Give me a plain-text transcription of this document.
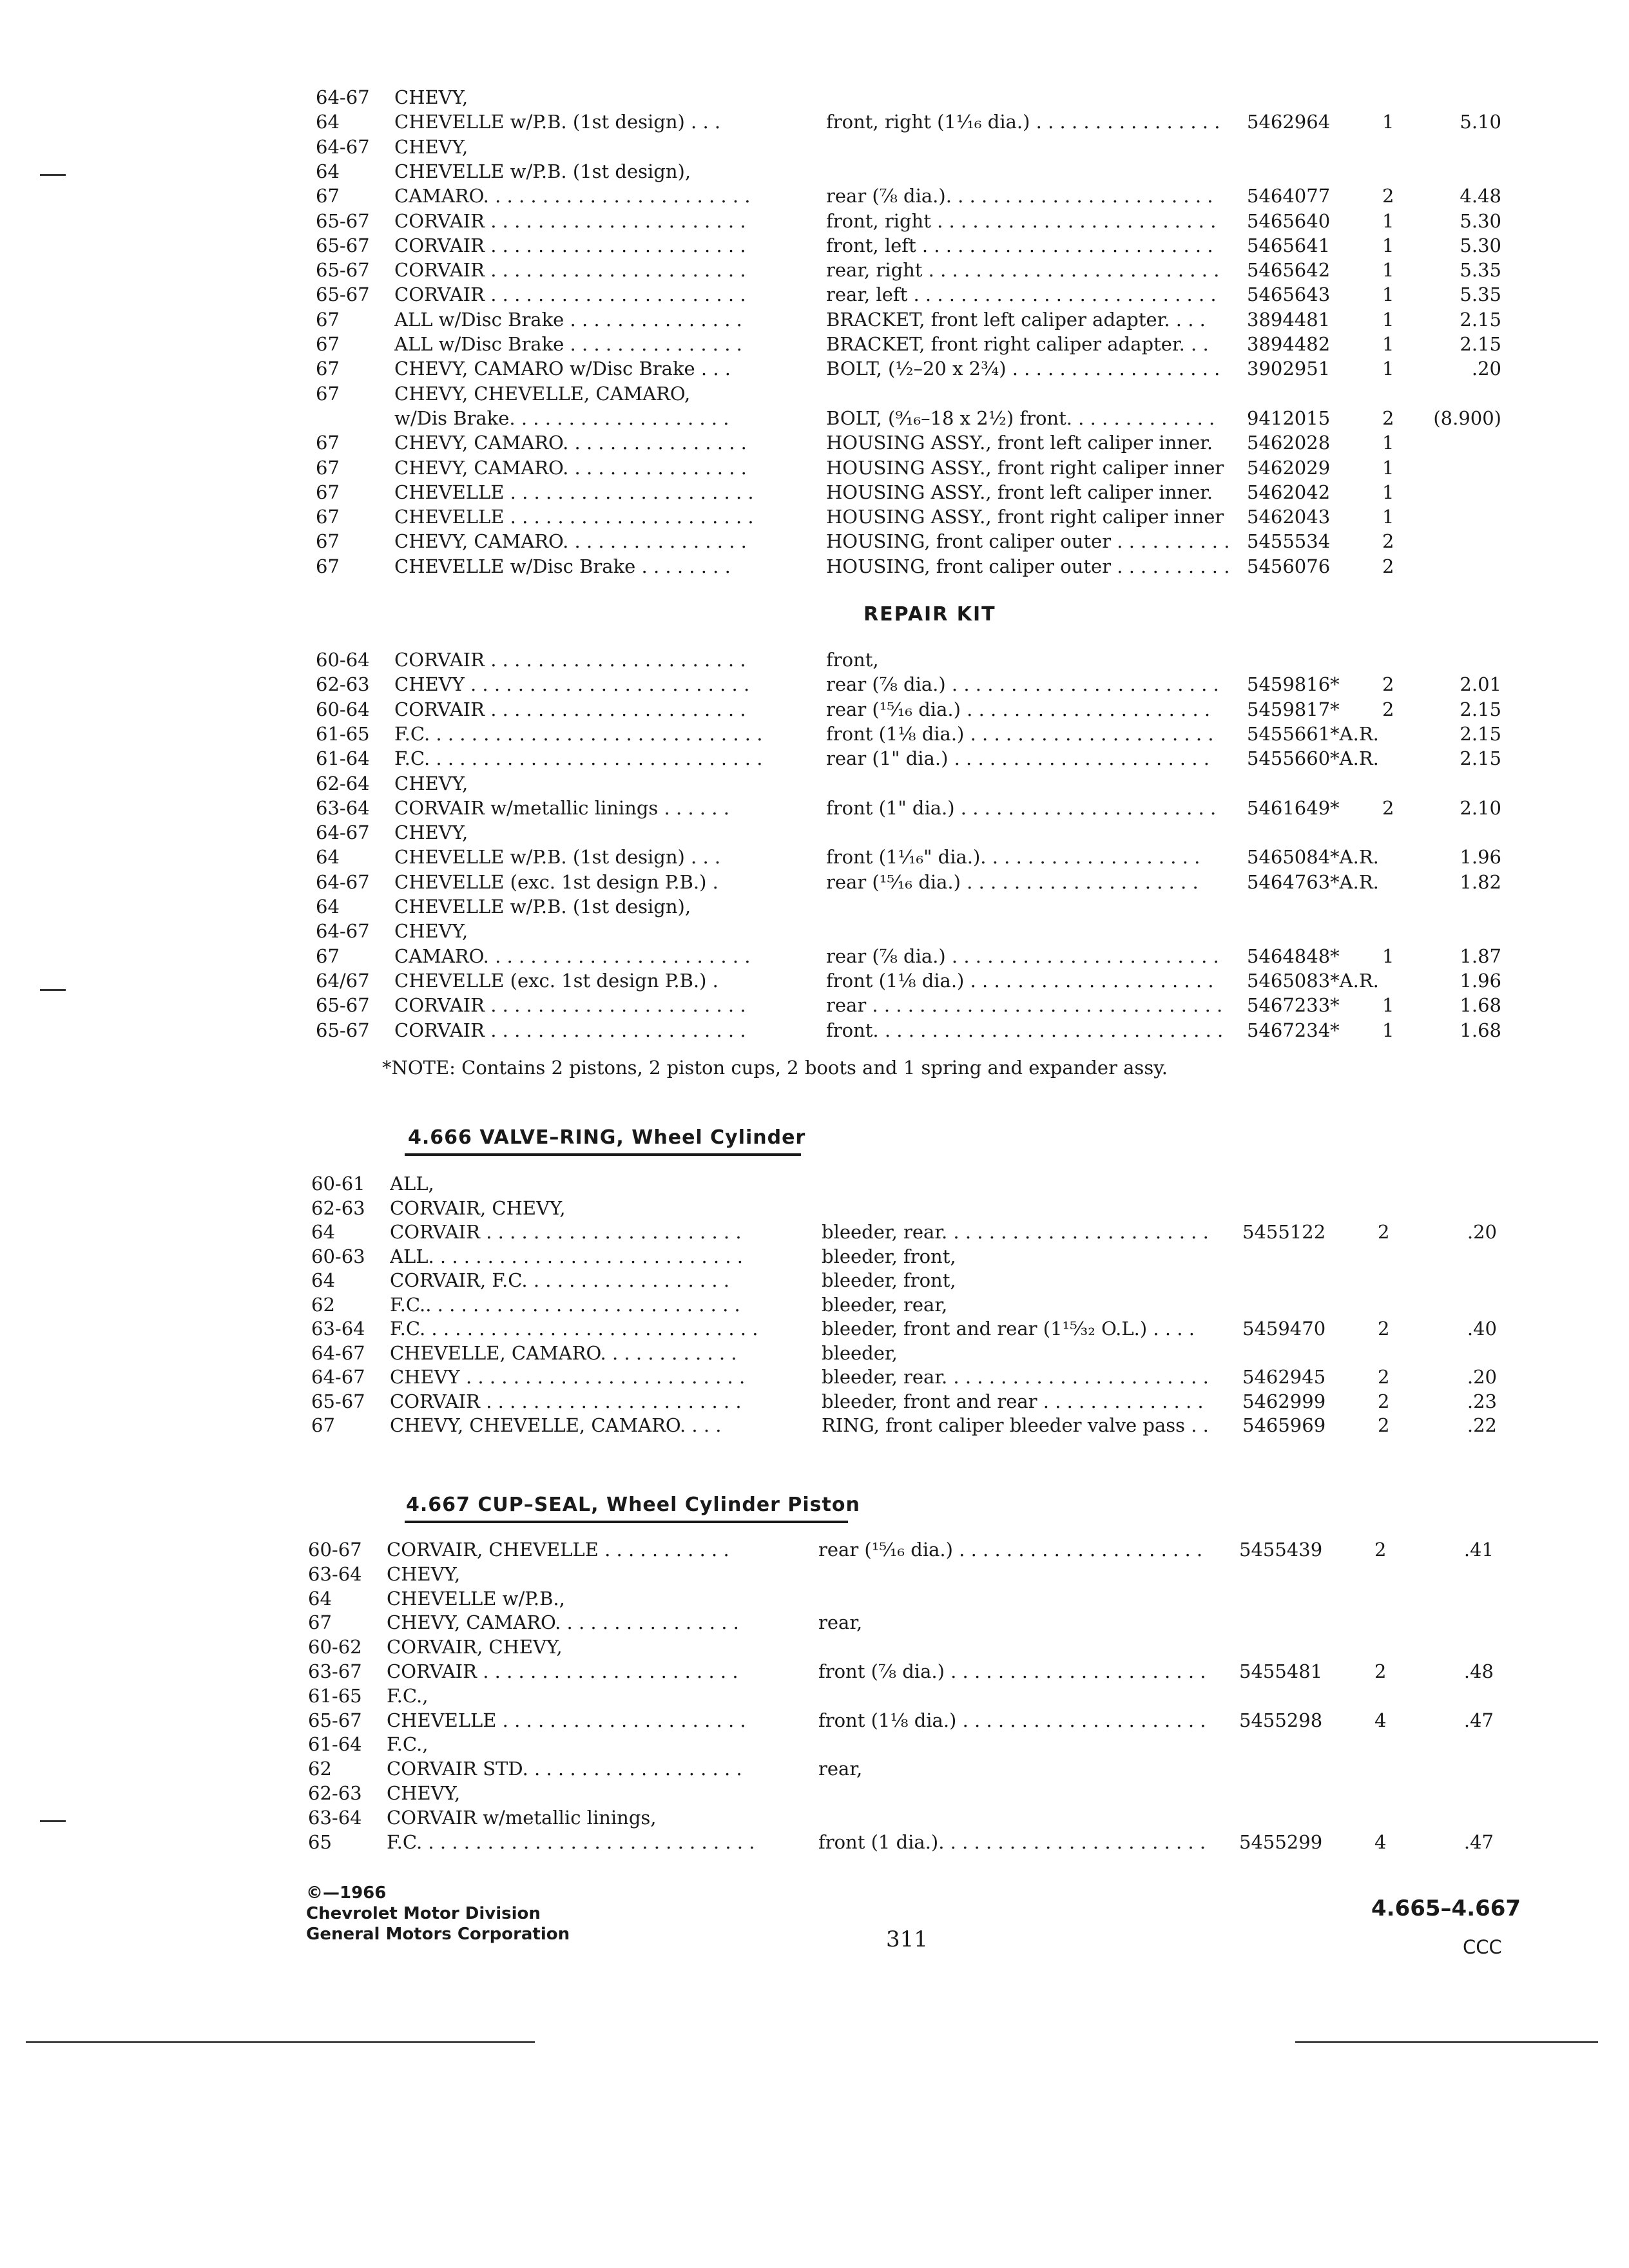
64-67 CHEVY,
64	CHEVELLE w/P.B. (1st design) . . .	front, right (1¹⁄₁₆ dia.) . . . . . . . . . . . . . . . .	5462964	1	5.10
64-67 CHEVY,
64	CHEVELLE w/P.B. (1st design),
67	CAMARO. . . . . . . . . . . . . . . . . . . . . . .	rear (⅞ dia.). . . . . . . . . . . . . . . . . . . . . . .	5464077	2	4.48
65-67 CORVAIR . . . . . . . . . . . . . . . . . . . . . .	front, right . . . . . . . . . . . . . . . . . . . . . . . .	5465640	1	5.30
65-67 CORVAIR . . . . . . . . . . . . . . . . . . . . . .	front, left . . . . . . . . . . . . . . . . . . . . . . . . .	5465641	1	5.30
65-67 CORVAIR . . . . . . . . . . . . . . . . . . . . . .	rear, right . . . . . . . . . . . . . . . . . . . . . . . . .	5465642	1	5.35
65-67 CORVAIR . . . . . . . . . . . . . . . . . . . . . .	rear, left . . . . . . . . . . . . . . . . . . . . . . . . . .	5465643	1	5.35
67	ALL w/Disc Brake . . . . . . . . . . . . . . .	BRACKET, front left caliper adapter. . . .	3894481	1	2.15
67	ALL w/Disc Brake . . . . . . . . . . . . . . .	BRACKET, front right caliper adapter. . .	3894482	1	2.15
67	CHEVY, CAMARO w/Disc Brake . . .	BOLT, (½–20 x 2¾) . . . . . . . . . . . . . . . . . .	3902951	1	.20
67	CHEVY, CHEVELLE, CAMARO,
w/Dis Brake. . . . . . . . . . . . . . . . . . .	BOLT, (⁹⁄₁₆–18 x 2½) front. . . . . . . . . . . . .	9412015	2	(8.900)
67	CHEVY, CAMARO. . . . . . . . . . . . . . . .	HOUSING ASSY., front left caliper inner.	5462028	1
67	CHEVY, CAMARO. . . . . . . . . . . . . . . .	HOUSING ASSY., front right caliper inner	5462029	1
67	CHEVELLE . . . . . . . . . . . . . . . . . . . . .	HOUSING ASSY., front left caliper inner.	5462042	1
67	CHEVELLE . . . . . . . . . . . . . . . . . . . . .	HOUSING ASSY., front right caliper inner	5462043	1
67	CHEVY, CAMARO. . . . . . . . . . . . . . . .	HOUSING, front caliper outer . . . . . . . . . . 5455534	2
67	CHEVELLE w/Disc Brake . . . . . . . .	HOUSING, front caliper outer . . . . . . . . . . 5456076	2
REPAIR KIT
60-64 CORVAIR . . . . . . . . . . . . . . . . . . . . . .	front,
62-63 CHEVY . . . . . . . . . . . . . . . . . . . . . . . .	rear (⅞ dia.) . . . . . . . . . . . . . . . . . . . . . . .	5459816* 2	2.01
60-64 CORVAIR . . . . . . . . . . . . . . . . . . . . . .	rear (¹⁵⁄₁₆ dia.) . . . . . . . . . . . . . . . . . . . . .	5459817* 2	2.15
61-65 F.C. . . . . . . . . . . . . . . . . . . . . . . . . . . . .	front (1⅛ dia.) . . . . . . . . . . . . . . . . . . . . .	5455661*A.R.	2.15
61-64 F.C. . . . . . . . . . . . . . . . . . . . . . . . . . . . .	rear (1" dia.) . . . . . . . . . . . . . . . . . . . . . .	5455660*A.R.	2.15
62-64 CHEVY,
63-64 CORVAIR w/metallic linings . . . . . .	front (1" dia.) . . . . . . . . . . . . . . . . . . . . . .	5461649* 2	2.10
64-67 CHEVY,
64	CHEVELLE w/P.B. (1st design) . . .	front (1¹⁄₁₆" dia.). . . . . . . . . . . . . . . . . . .	5465084*A.R.	1.96
64-67 CHEVELLE (exc. 1st design P.B.) .	rear (¹⁵⁄₁₆ dia.) . . . . . . . . . . . . . . . . . . . .	5464763*A.R.	1.82
64	CHEVELLE w/P.B. (1st design),
64-67 CHEVY,
67	CAMARO. . . . . . . . . . . . . . . . . . . . . . .	rear (⅞ dia.) . . . . . . . . . . . . . . . . . . . . . . .	5464848* 1	1.87
64/67 CHEVELLE (exc. 1st design P.B.) .	front (1⅛ dia.) . . . . . . . . . . . . . . . . . . . . .	5465083*A.R.	1.96
65-67 CORVAIR . . . . . . . . . . . . . . . . . . . . . .	rear . . . . . . . . . . . . . . . . . . . . . . . . . . . . . .	5467233* 1	1.68
65-67 CORVAIR . . . . . . . . . . . . . . . . . . . . . .	front. . . . . . . . . . . . . . . . . . . . . . . . . . . . . .	5467234* 1	1.68
*NOTE: Contains 2 pistons, 2 piston cups, 2 boots and 1 spring and expander assy.
4.666 VALVE–RING, Wheel Cylinder
60-61 ALL,
62-63 CORVAIR, CHEVY,
64	CORVAIR . . . . . . . . . . . . . . . . . . . . . .	bleeder, rear. . . . . . . . . . . . . . . . . . . . . . .	5455122	2	.20
60-63 ALL. . . . . . . . . . . . . . . . . . . . . . . . . . .	bleeder, front,
64	CORVAIR, F.C. . . . . . . . . . . . . . . . . .	bleeder, front,
62	F.C.. . . . . . . . . . . . . . . . . . . . . . . . . . .	bleeder, rear,
63-64 F.C. . . . . . . . . . . . . . . . . . . . . . . . . . . . .	bleeder, front and rear (1¹⁵⁄₃₂ O.L.) . . . .	5459470	2	.40
64-67 CHEVELLE, CAMARO. . . . . . . . . . . .	bleeder,
64-67 CHEVY . . . . . . . . . . . . . . . . . . . . . . . .	bleeder, rear. . . . . . . . . . . . . . . . . . . . . . .	5462945	2	.20
65-67 CORVAIR . . . . . . . . . . . . . . . . . . . . . .	bleeder, front and rear . . . . . . . . . . . . . .	5462999	2	.23
67	CHEVY, CHEVELLE, CAMARO. . . .	RING, front caliper bleeder valve pass . .	5465969	2	.22
4.667 CUP–SEAL, Wheel Cylinder Piston
60-67 CORVAIR, CHEVELLE . . . . . . . . . . .	rear (¹⁵⁄₁₆ dia.) . . . . . . . . . . . . . . . . . . . . .	5455439	2	.41
63-64 CHEVY,
64	CHEVELLE w/P.B.,
67	CHEVY, CAMARO. . . . . . . . . . . . . . . .	rear,
60-62 CORVAIR, CHEVY,
63-67 CORVAIR . . . . . . . . . . . . . . . . . . . . . .	front (⅞ dia.) . . . . . . . . . . . . . . . . . . . . . .	5455481	2	.48
61-65 F.C.,
65-67 CHEVELLE . . . . . . . . . . . . . . . . . . . . .	front (1⅛ dia.) . . . . . . . . . . . . . . . . . . . . .	5455298	4	.47
61-64 F.C.,
62	CORVAIR STD. . . . . . . . . . . . . . . . . . .	rear,
62-63 CHEVY,
63-64 CORVAIR w/metallic linings,
65	F.C. . . . . . . . . . . . . . . . . . . . . . . . . . . . .	front (1 dia.). . . . . . . . . . . . . . . . . . . . . . .	5455299	4	.47
©—1966
Chevrolet Motor Division
General Motors Corporation	311
4.665–4.667
CCC
